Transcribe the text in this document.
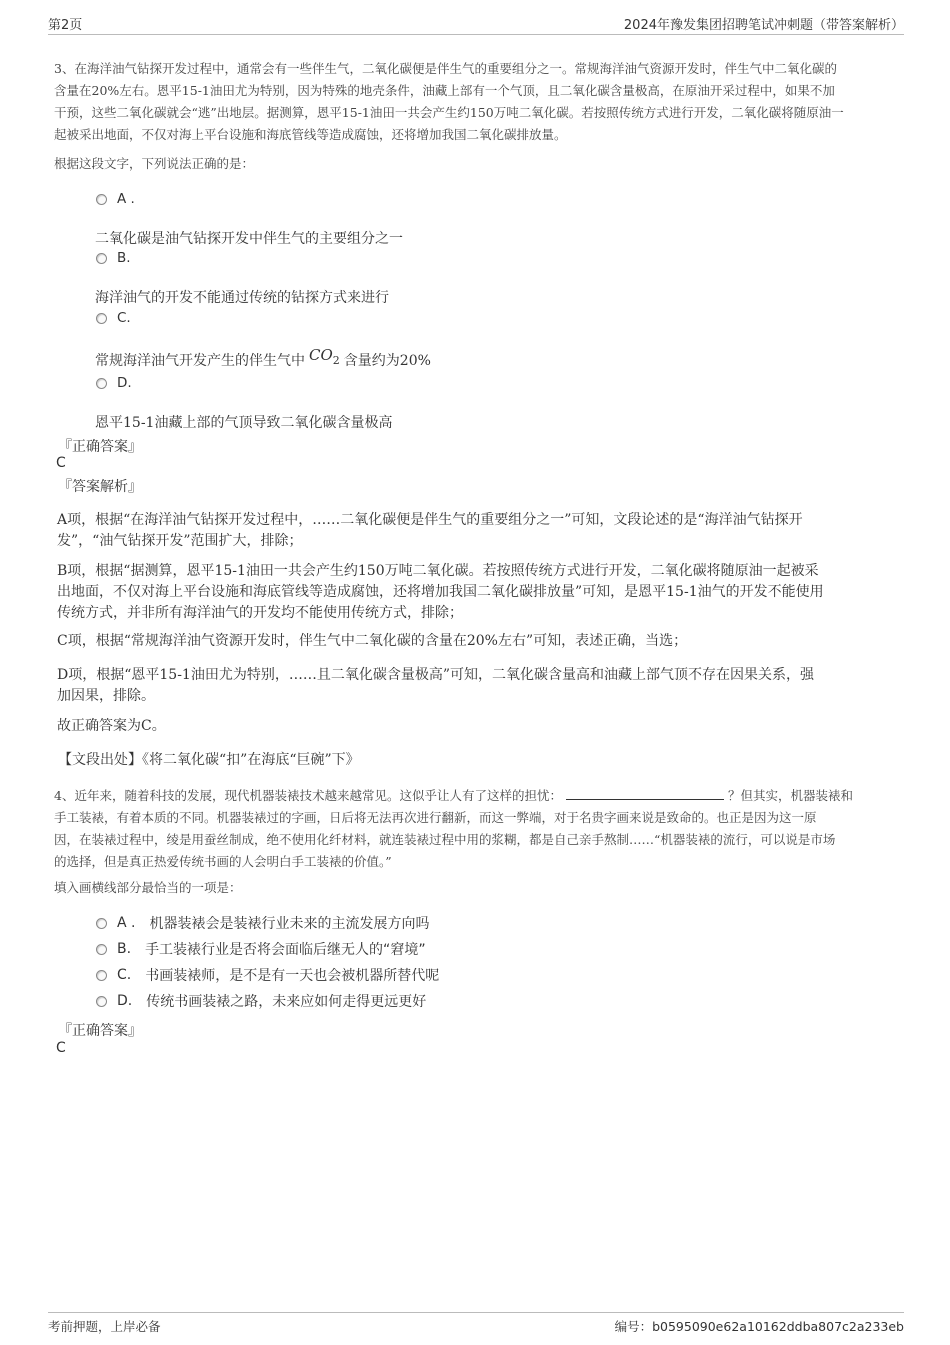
第2页	2024年豫发集团招聘笔试冲刺题（带答案解析）
3、在海洋油气钻探开发过程中，通常会有一些伴生气，二氧化碳便是伴生气的重要组分之一。常规海洋油气资源开发时，伴生气中二氧化碳的
含量在20%左右。恩平15-1油田尤为特别，因为特殊的地壳条件，油藏上部有一个气顶，且二氧化碳含量极高，在原油开采过程中，如果不加
干预，这些二氧化碳就会“逃”出地层。据测算，恩平15-1油田一共会产生约150万吨二氧化碳。若按照传统方式进行开发，二氧化碳将随原油一
起被采出地面，不仅对海上平台设施和海底管线等造成腐蚀，还将增加我国二氧化碳排放量。
根据这段文字，下列说法正确的是：
A .
二氧化碳是油气钻探开发中伴生气的主要组分之一
B.
海洋油气的开发不能通过传统的钻探方式来进行
C.
常规海洋油气开发产生的伴生气中 $CO_2$ 含量约为20%
D.
恩平15-1油藏上部的气顶导致二氧化碳含量极高
『正确答案』
C
『答案解析』
A项，根据“在海洋油气钻探开发过程中，……二氧化碳便是伴生气的重要组分之一”可知，文段论述的是“海洋油气钻探开
发”，“油气钻探开发”范围扩大，排除；
B项，根据“据测算，恩平15-1油田一共会产生约150万吨二氧化碳。若按照传统方式进行开发，二氧化碳将随原油一起被采
出地面，不仅对海上平台设施和海底管线等造成腐蚀，还将增加我国二氧化碳排放量”可知，是恩平15-1油气的开发不能使用
传统方式，并非所有海洋油气的开发均不能使用传统方式，排除；
C项，根据“常规海洋油气资源开发时，伴生气中二氧化碳的含量在20%左右”可知，表述正确，当选；
D项，根据“恩平15-1油田尤为特别，……且二氧化碳含量极高”可知，二氧化碳含量高和油藏上部气顶不存在因果关系，强
加因果，排除。
故正确答案为C。
【文段出处】《将二氧化碳“扣”在海底“巨碗”下》
4、近年来，随着科技的发展，现代机器装裱技术越来越常见。这似乎让人有了这样的担忧：	？但其实，机器装裱和
手工装裱，有着本质的不同。机器装裱过的字画，日后将无法再次进行翻新，而这一弊端，对于名贵字画来说是致命的。也正是因为这一原
因，在装裱过程中，绫是用蚕丝制成，绝不使用化纤材料，就连装裱过程中用的浆糊，都是自己亲手熬制……“机器装裱的流行，可以说是市场
的选择，但是真正热爱传统书画的人会明白手工装裱的价值。”
填入画横线部分最恰当的一项是：
A . 机器装裱会是装裱行业未来的主流发展方向吗
B. 手工装裱行业是否将会面临后继无人的“窘境”
C. 书画装裱师，是不是有一天也会被机器所替代呢
D. 传统书画装裱之路，未来应如何走得更远更好
『正确答案』
C
考前押题，上岸必备	编号：b0595090e62a10162ddba807c2a233eb
